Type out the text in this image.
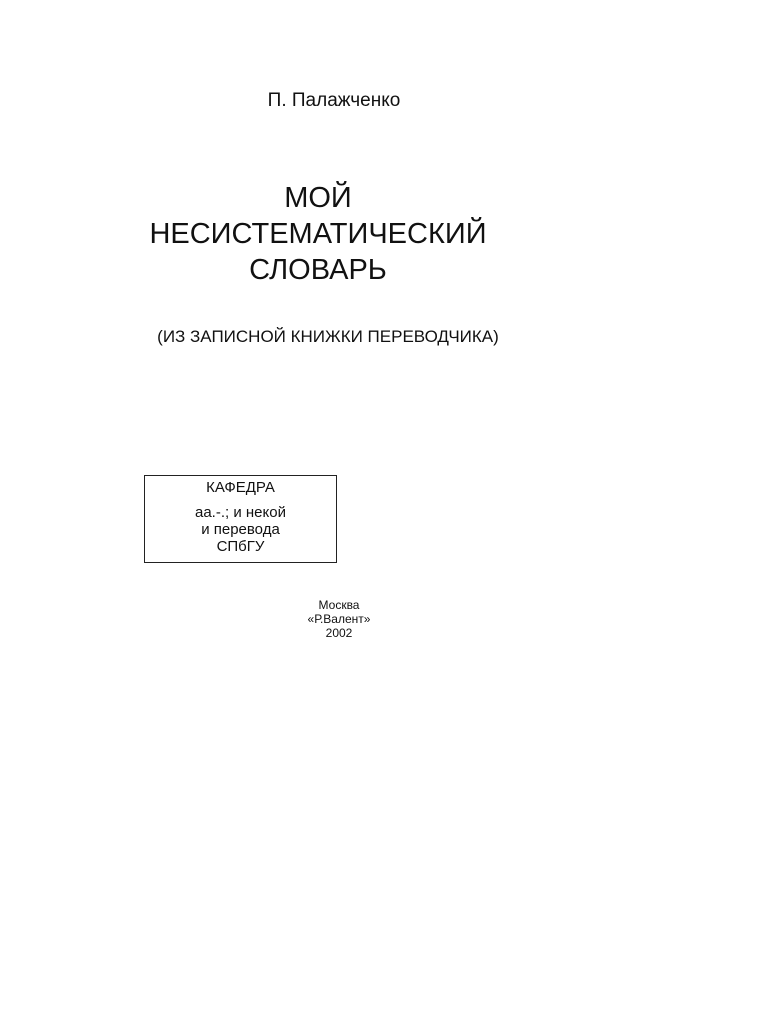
П. Палажченко
МОЙ
НЕСИСТЕМАТИЧЕСКИЙ
СЛОВАРЬ
(ИЗ ЗАПИСНОЙ КНИЖКИ ПЕРЕВОДЧИКА)
КАФЕДРА
аа.-.; и некой
и перевода
СПбГУ
Москва
«Р.Валент»
2002
